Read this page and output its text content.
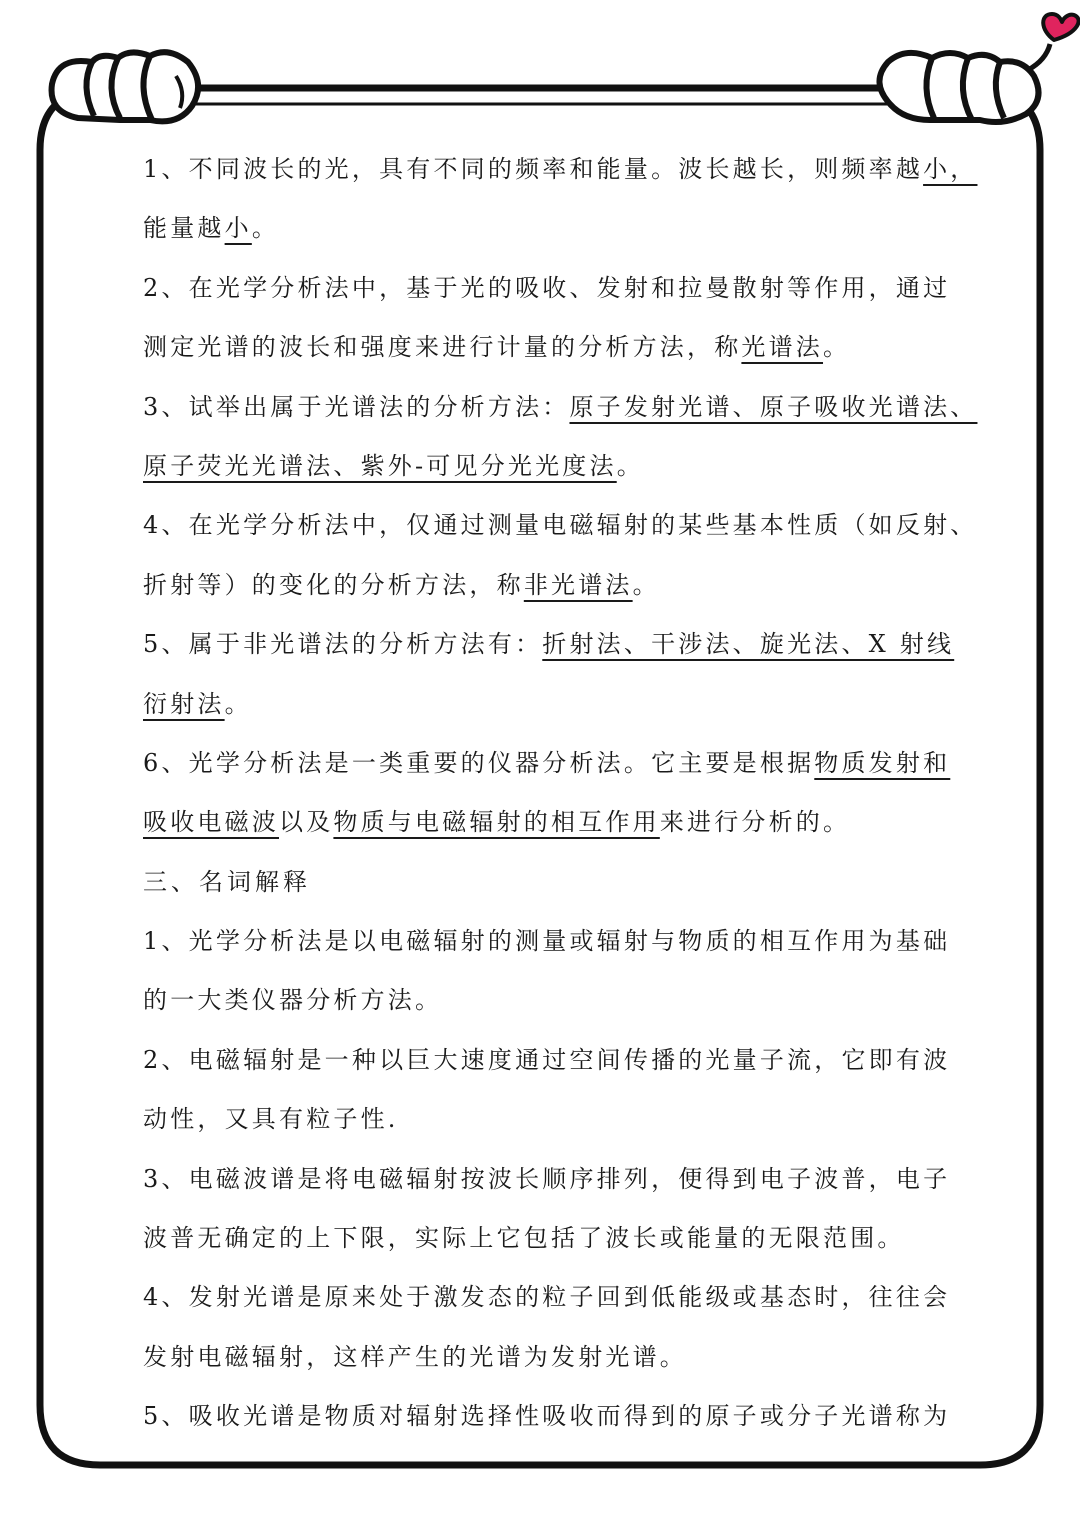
1、不同波长的光，具有不同的频率和能量。波长越长，则频率越小，
能量越小。
2、在光学分析法中，基于光的吸收、发射和拉曼散射等作用，通过
测定光谱的波长和强度来进行计量的分析方法，称光谱法。
3、试举出属于光谱法的分析方法：原子发射光谱、原子吸收光谱法、
原子荧光光谱法、紫外-可见分光光度法。
4、在光学分析法中，仅通过测量电磁辐射的某些基本性质（如反射、
折射等）的变化的分析方法，称非光谱法。
5、属于非光谱法的分析方法有：折射法、干涉法、旋光法、X 射线
衍射法。
6、光学分析法是一类重要的仪器分析法。它主要是根据物质发射和
吸收电磁波以及物质与电磁辐射的相互作用来进行分析的。
三、名词解释
1、光学分析法是以电磁辐射的测量或辐射与物质的相互作用为基础
的一大类仪器分析方法。
2、电磁辐射是一种以巨大速度通过空间传播的光量子流，它即有波
动性，又具有粒子性.
3、电磁波谱是将电磁辐射按波长顺序排列，便得到电子波普，电子
波普无确定的上下限，实际上它包括了波长或能量的无限范围。
4、发射光谱是原来处于激发态的粒子回到低能级或基态时，往往会
发射电磁辐射，这样产生的光谱为发射光谱。
5、吸收光谱是物质对辐射选择性吸收而得到的原子或分子光谱称为
